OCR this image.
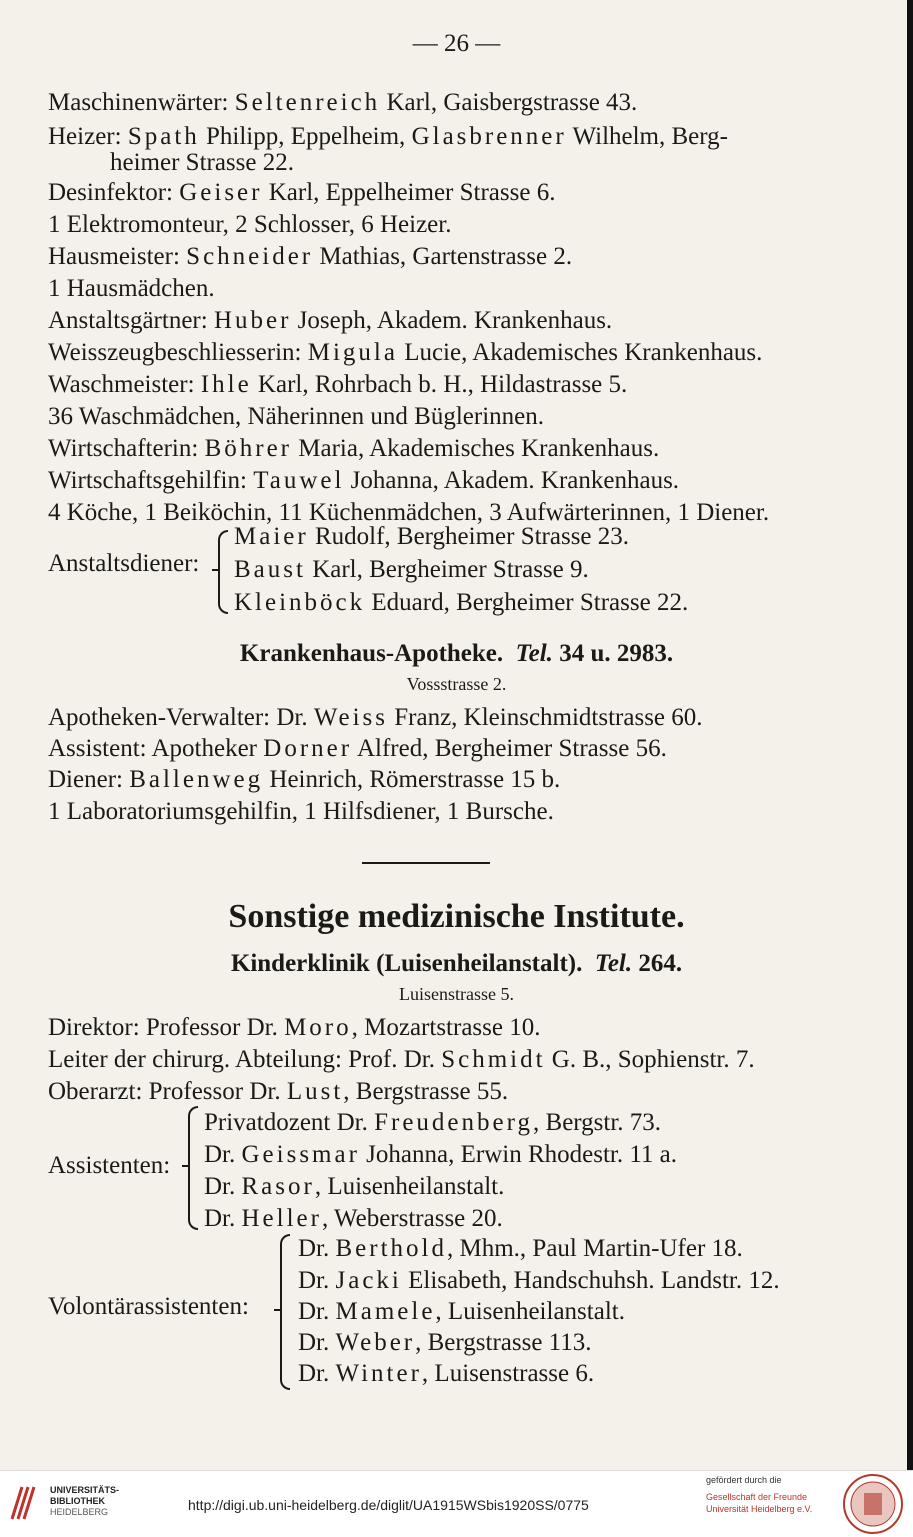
— 26 —
Maschinenwärter: Seltenreich Karl, Gaisbergstrasse 43.
Heizer: Spath Philipp, Eppelheim, Glasbrenner Wilhelm, Berg-
heimer Strasse 22.
Desinfektor: Geiser Karl, Eppelheimer Strasse 6.
1 Elektromonteur, 2 Schlosser, 6 Heizer.
Hausmeister: Schneider Mathias, Gartenstrasse 2.
1 Hausmädchen.
Anstaltsgärtner: Huber Joseph, Akadem. Krankenhaus.
Weisszeugbeschliesserin: Migula Lucie, Akademisches Krankenhaus.
Waschmeister: Ihle Karl, Rohrbach b. H., Hildastrasse 5.
36 Waschmädchen, Näherinnen und Büglerinnen.
Wirtschafterin: Böhrer Maria, Akademisches Krankenhaus.
Wirtschaftsgehilfin: Tauwel Johanna, Akadem. Krankenhaus.
4 Köche, 1 Beiköchin, 11 Küchenmädchen, 3 Aufwärterinnen, 1 Diener.
Anstaltsdiener:
Maier Rudolf, Bergheimer Strasse 23.
Baust Karl, Bergheimer Strasse 9.
Kleinböck Eduard, Bergheimer Strasse 22.
Krankenhaus-Apotheke. Tel. 34 u. 2983.
Vossstrasse 2.
Apotheken-Verwalter: Dr. Weiss Franz, Kleinschmidtstrasse 60.
Assistent: Apotheker Dorner Alfred, Bergheimer Strasse 56.
Diener: Ballenweg Heinrich, Römerstrasse 15 b.
1 Laboratoriumsgehilfin, 1 Hilfsdiener, 1 Bursche.
Sonstige medizinische Institute.
Kinderklinik (Luisenheilanstalt). Tel. 264.
Luisenstrasse 5.
Direktor: Professor Dr. Moro, Mozartstrasse 10.
Leiter der chirurg. Abteilung: Prof. Dr. Schmidt G. B., Sophienstr. 7.
Oberarzt: Professor Dr. Lust, Bergstrasse 55.
Assistenten:
Privatdozent Dr. Freudenberg, Bergstr. 73.
Dr. Geissmar Johanna, Erwin Rhodestr. 11 a.
Dr. Rasor, Luisenheilanstalt.
Dr. Heller, Weberstrasse 20.
Volontärassistenten:
Dr. Berthold, Mhm., Paul Martin-Ufer 18.
Dr. Jacki Elisabeth, Handschuhsh. Landstr. 12.
Dr. Mamele, Luisenheilanstalt.
Dr. Weber, Bergstrasse 113.
Dr. Winter, Luisenstrasse 6.
UNIVERSITÄTS-
BIBLIOTHEK
HEIDELBERG	http://digi.ub.uni-heidelberg.de/diglit/UA1915WSbis1920SS/0775
gefördert durch die
Gesellschaft der Freunde
Universität Heidelberg e.V.
